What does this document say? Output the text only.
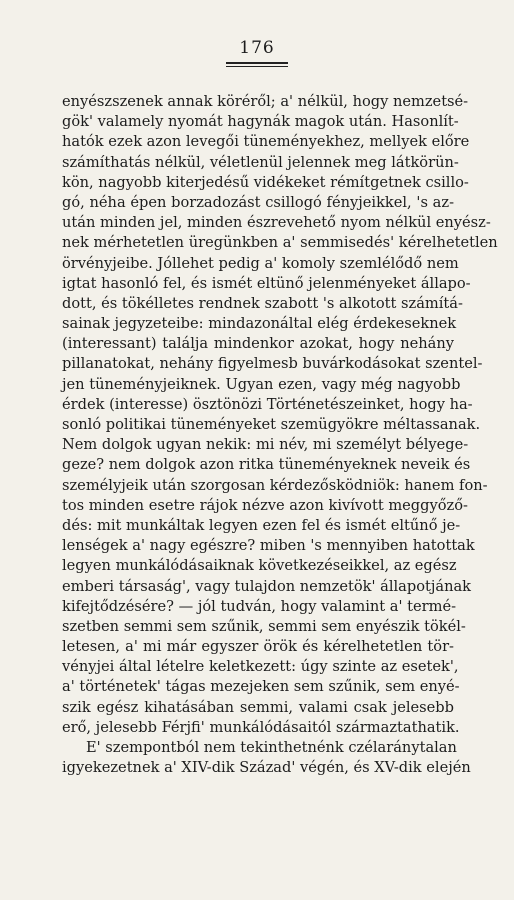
176
enyészszenek annak köréről; a' nélkül, hogy nemzetsé-
gök' valamely nyomát hagynák magok után. Hasonlít-
hatók ezek azon levegői tüneményekhez, mellyek előre
számíthatás nélkül, véletlenül jelennek meg látkörün-
kön, nagyobb kiterjedésű vidékeket rémítgetnek csillo-
gó, néha épen borzadozást csillogó fényjeikkel, 's az-
után minden jel, minden észrevehető nyom nélkül enyész-
nek mérhetetlen üregünkben a' semmisedés' kérelhetetlen
örvényjeibe. Jóllehet pedig a' komoly szemlélődő nem
igtat hasonló fel, és ismét eltünő jelenményeket állapo-
dott, és tökélletes rendnek szabott 's alkotott számítá-
sainak jegyzeteibe: mindazonáltal elég érdekeseknek
(interessant) találja mindenkor azokat, hogy nehány
pillanatokat, nehány figyelmesb buvárkodásokat szentel-
jen tüneményjeiknek. Ugyan ezen, vagy még nagyobb
érdek (interesse) ösztönözi Történetészeinket, hogy ha-
sonló politikai tüneményeket szemügyökre méltassanak.
Nem dolgok ugyan nekik: mi név, mi személyt bélyege-
geze? nem dolgok azon ritka tüneményeknek neveik és
személyjeik után szorgosan kérdezősködniök: hanem fon-
tos minden esetre rájok nézve azon kivívott meggyőző-
dés: mit munkáltak legyen ezen fel és ismét eltűnő je-
lenségek a' nagy egészre? miben 's mennyiben hatottak
legyen munkálódásaiknak következéseikkel, az egész
emberi társaság', vagy tulajdon nemzetök' állapotjának
kifejtődzésére? — jól tudván, hogy valamint a' termé-
szetben semmi sem szűnik, semmi sem enyészik tökél-
letesen, a' mi már egyszer örök és kérelhetetlen tör-
vényjei által lételre keletkezett: úgy szinte az esetek',
a' történetek' tágas mezejeken sem szűnik, sem enyé-
szik egész kihatásában semmi, valami csak jelesebb
erő, jelesebb Férjfi' munkálódásaitól származtathatik.
E' szempontból nem tekinthetnénk czélaránytalan
igyekezetnek a' XIV-dik Század' végén, és XV-dik elején
